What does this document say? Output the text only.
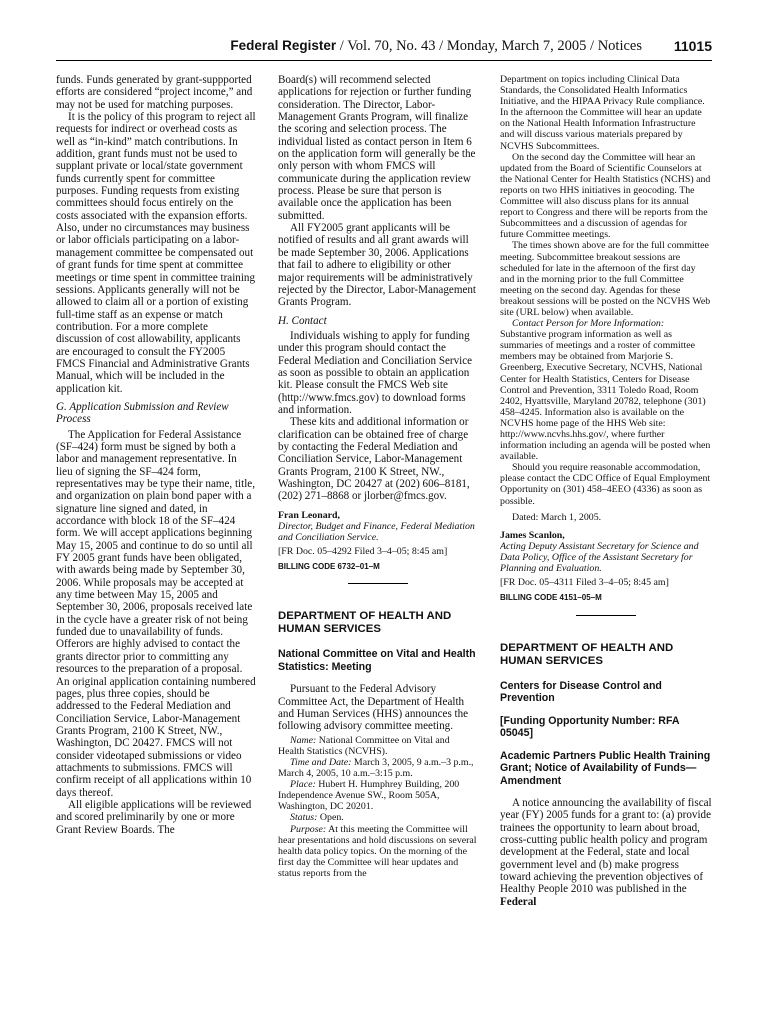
Federal Register / Vol. 70, No. 43 / Monday, March 7, 2005 / Notices 11015

funds. Funds generated by grant-suppported efforts are considered “project income,” and may not be used for matching purposes.

It is the policy of this program to reject all requests for indirect or overhead costs as well as “in-kind” match contributions. In addition, grant funds must not be used to supplant private or local/state government funds currently spent for committee purposes. Funding requests from existing committees should focus entirely on the costs associated with the expansion efforts. Also, under no circumstances may business or labor officials participating on a labor-management committee be compensated out of grant funds for time spent at committee meetings or time spent in committee training sessions. Applicants generally will not be allowed to claim all or a portion of existing full-time staff as an expense or match contribution. For a more complete discussion of cost allowability, applicants are encouraged to consult the FY2005 FMCS Financial and Administrative Grants Manual, which will be included in the application kit.

G. Application Submission and Review Process

The Application for Federal Assistance (SF–424) form must be signed by both a labor and management representative. In lieu of signing the SF–424 form, representatives may be type their name, title, and organization on plain bond paper with a signature line signed and dated, in accordance with block 18 of the SF–424 form. We will accept applications beginning May 15, 2005 and continue to do so until all FY 2005 grant funds have been obligated, with awards being made by September 30, 2006. While proposals may be accepted at any time between May 15, 2005 and September 30, 2006, proposals received late in the cycle have a greater risk of not being funded due to unavailability of funds. Offerors are highly advised to contact the grants director prior to committing any resources to the preparation of a proposal. An original application containing numbered pages, plus three copies, should be addressed to the Federal Mediation and Conciliation Service, Labor-Management Grants Program, 2100 K Street, NW., Washington, DC 20427. FMCS will not consider videotaped submissions or video attachments to submissions. FMCS will confirm receipt of all applications within 10 days thereof.

All eligible applications will be reviewed and scored preliminarily by one or more Grant Review Boards. The

Board(s) will recommend selected applications for rejection or further funding consideration. The Director, Labor-Management Grants Program, will finalize the scoring and selection process. The individual listed as contact person in Item 6 on the application form will generally be the only person with whom FMCS will communicate during the application review process. Please be sure that person is available once the application has been submitted.

All FY2005 grant applicants will be notified of results and all grant awards will be made September 30, 2006. Applications that fail to adhere to eligibility or other major requirements will be administratively rejected by the Director, Labor-Management Grants Program.

H. Contact

Individuals wishing to apply for funding under this program should contact the Federal Mediation and Conciliation Service as soon as possible to obtain an application kit. Please consult the FMCS Web site (http://www.fmcs.gov) to download forms and information.

These kits and additional information or clarification can be obtained free of charge by contacting the Federal Mediation and Conciliation Service, Labor-Management Grants Program, 2100 K Street, NW., Washington, DC 20427 at (202) 606–8181, (202) 271–8868 or jlorber@fmcs.gov.

Fran Leonard,

Director, Budget and Finance, Federal Mediation and Conciliation Service.

[FR Doc. 05–4292 Filed 3–4–05; 8:45 am]

BILLING CODE 6732–01–M

DEPARTMENT OF HEALTH AND HUMAN SERVICES

National Committee on Vital and Health Statistics: Meeting

Pursuant to the Federal Advisory Committee Act, the Department of Health and Human Services (HHS) announces the following advisory committee meeting.

Name: National Committee on Vital and Health Statistics (NCVHS).

Time and Date: March 3, 2005, 9 a.m.–3 p.m., March 4, 2005, 10 a.m.–3:15 p.m.

Place: Hubert H. Humphrey Building, 200 Independence Avenue SW., Room 505A, Washington, DC 20201.

Status: Open.

Purpose: At this meeting the Committee will hear presentations and hold discussions on several health data policy topics. On the morning of the first day the Committee will hear updates and status reports from the

Department on topics including Clinical Data Standards, the Consolidated Health Informatics Initiative, and the HIPAA Privacy Rule compliance. In the afternoon the Committee will hear an update on the National Health Information Infrastructure and will discuss various materials prepared by NCVHS Subcommittees.

On the second day the Committee will hear an updated from the Board of Scientific Counselors at the National Center for Health Statistics (NCHS) and reports on two HHS initiatives in geocoding. The Committee will also discuss plans for its annual report to Congress and there will be reports from the Subcommittees and a discussion of agendas for future Committee meetings.

The times shown above are for the full committee meeting. Subcommittee breakout sessions are scheduled for late in the afternoon of the first day and in the morning prior to the full Committee meeting on the second day. Agendas for these breakout sessions will be posted on the NCVHS Web site (URL below) when available.

Contact Person for More Information:

Substantive program information as well as summaries of meetings and a roster of committee members may be obtained from Marjorie S. Greenberg, Executive Secretary, NCVHS, National Center for Health Statistics, Centers for Disease Control and Prevention, 3311 Toledo Road, Room 2402, Hyattsville, Maryland 20782, telephone (301) 458–4245. Information also is available on the NCVHS home page of the HHS Web site: http://www.ncvhs.hhs.gov/, where further information including an agenda will be posted when available.

Should you require reasonable accommodation, please contact the CDC Office of Equal Employment Opportunity on (301) 458–4EEO (4336) as soon as possible.

Dated: March 1, 2005.

James Scanlon,

Acting Deputy Assistant Secretary for Science and Data Policy, Office of the Assistant Secretary for Planning and Evaluation.

[FR Doc. 05–4311 Filed 3–4–05; 8:45 am]

BILLING CODE 4151–05–M

DEPARTMENT OF HEALTH AND HUMAN SERVICES

Centers for Disease Control and Prevention

[Funding Opportunity Number: RFA 05045]

Academic Partners Public Health Training Grant; Notice of Availability of Funds—Amendment

A notice announcing the availability of fiscal year (FY) 2005 funds for a grant to: (a) provide trainees the opportunity to learn about broad, cross-cutting public health policy and program development at the Federal, state and local government level and (b) make progress toward achieving the prevention objectives of Healthy People 2010 was published in the Federal
